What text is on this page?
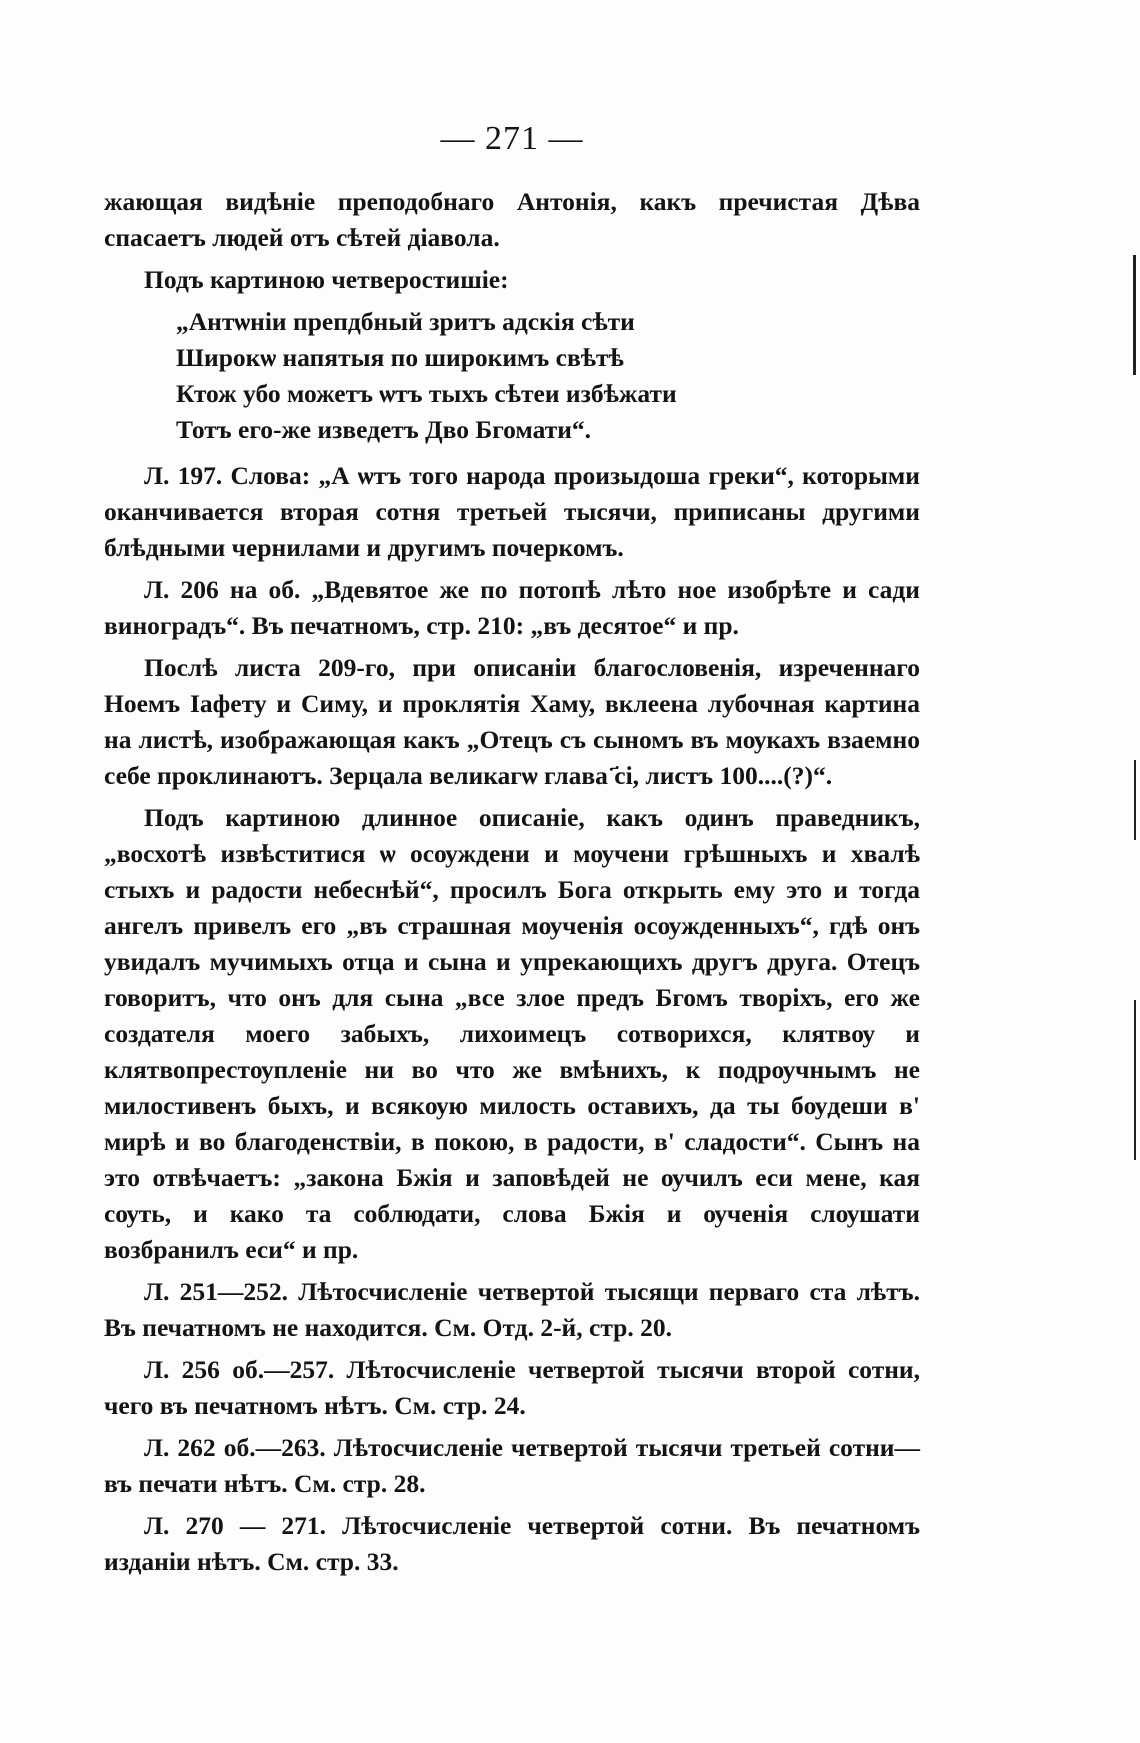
— 271 —

жающая видѣніе преподобнаго Антонія, какъ пречистая Дѣва спасаетъ людей отъ сѣтей діавола.

Подъ картиною четверостишіе:

„Антѡніи препдбный зритъ адскія сѣти
Широкѡ напятыя по широкимъ свѣтѣ
Ктож убо можетъ ѡтъ тыхъ сѣтеи избѣжати
Тотъ его-же изведетъ Дво Бгомати“.

Л. 197. Слова: „А ѡтъ того народа произыдоша греки“, которыми оканчивается вторая сотня третьей тысячи, приписаны другими блѣдными чернилами и другимъ почеркомъ.

Л. 206 на об. „Вдевятое же по потопѣ лѣто ное изобрѣте и сади виноградъ“. Въ печатномъ, стр. 210: „въ десятое“ и пр.

Послѣ листа 209-го, при описаніи благословенія, изреченнаго Ноемъ Іафету и Симу, и проклятія Хаму, вклеена лубочная картина на листѣ, изображающая какъ „Отецъ съ сыномъ въ мѹкахъ взаемно себе проклинаютъ. Зерцала великагѡ глава ҃сі, листъ 100....(?)“.

Подъ картиною длинное описаніе, какъ одинъ праведникъ, „восхотѣ извѣститися ѡ осѹждени и мѹчени грѣшныхъ и хвалѣ стыхъ и радости небеснѣй“, просилъ Бога открыть ему это и тогда ангелъ привелъ его „въ страшная мѹченія осѹжденныхъ“, гдѣ онъ увидалъ мучимыхъ отца и сына и упрекающихъ другъ друга. Отецъ говоритъ, что онъ для сына „все злое предъ Бгомъ творіхъ, его же создателя моего забыхъ, лихоимецъ сотворихся, клятвѹ и клятвопрестѹпленіе ни во что же вмѣнихъ, к подрѹчнымъ не милостивенъ быхъ, и всякѹю милость оставихъ, да ты бѹдеши в' мирѣ и во благоденствіи, в покою, в радости, в' сладости“. Сынъ на это отвѣчаетъ: „закона Бжія и заповѣдей не ѹчилъ еси мене, кая сѹть, и како та соблюдати, слова Бжія и ѹченія слѹшати возбранилъ еси“ и пр.

Л. 251—252. Лѣтосчисленіе четвертой тысящи перваго ста лѣтъ. Въ печатномъ не находится. См. Отд. 2-й, стр. 20.

Л. 256 об.—257. Лѣтосчисленіе четвертой тысячи второй сотни, чего въ печатномъ нѣтъ. См. стр. 24.

Л. 262 об.—263. Лѣтосчисленіе четвертой тысячи третьей сотни—въ печати нѣтъ. См. стр. 28.

Л. 270 — 271. Лѣтосчисленіе четвертой сотни. Въ печатномъ изданіи нѣтъ. См. стр. 33.
